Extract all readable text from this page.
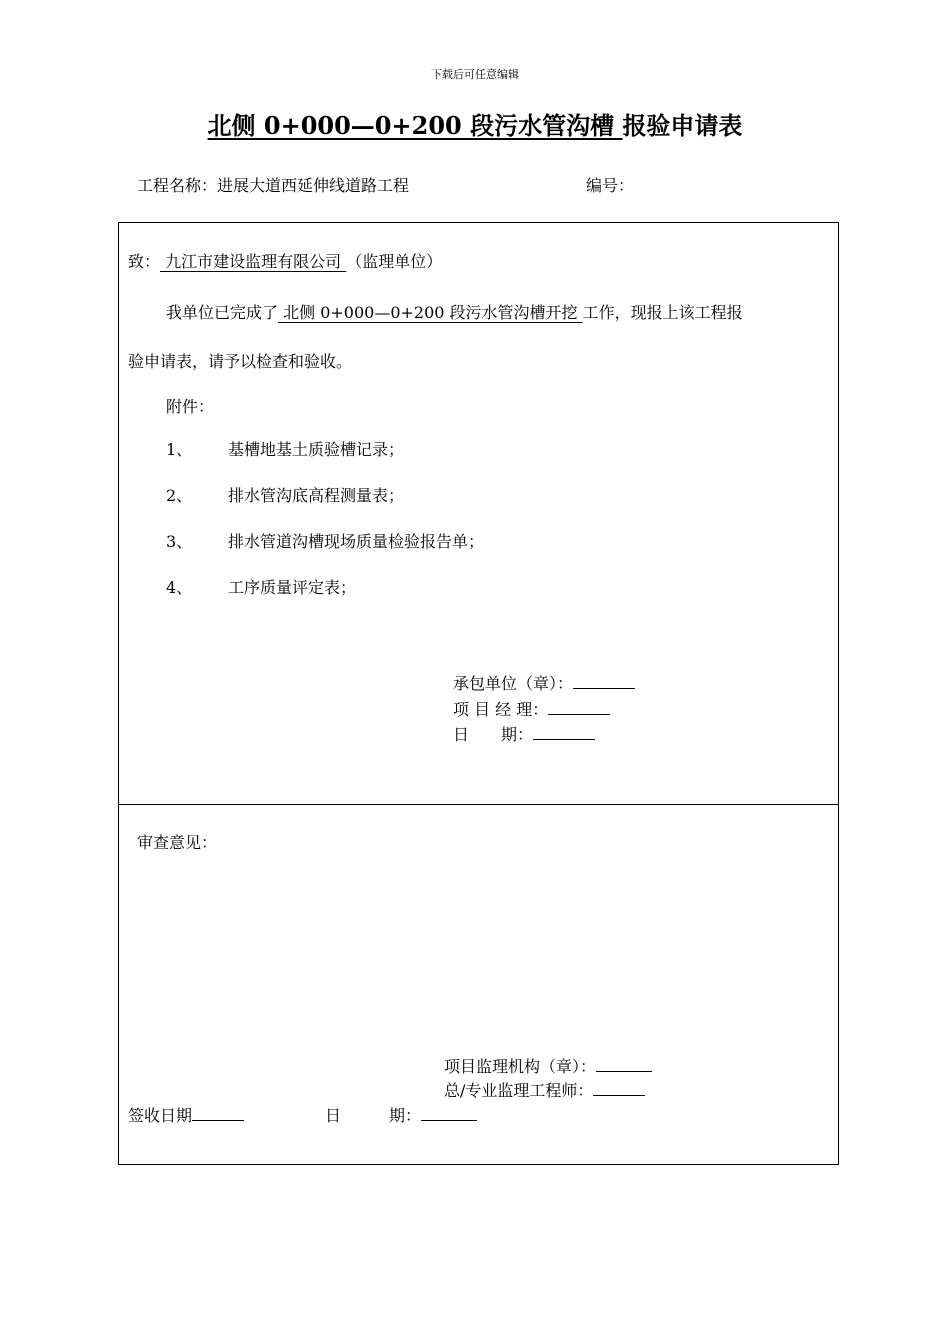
下载后可任意编辑
北侧 0+000—0+200 段污水管沟槽 报验申请表
工程名称：进展大道西延伸线道路工程	编号：
致： 九江市建设监理有限公司 （监理单位）
我单位已完成了 北侧 0+000—0+200 段污水管沟槽开挖 工作，现报上该工程报
验申请表，请予以检查和验收。
附件：
1、 基槽地基土质验槽记录；
2、 排水管沟底高程测量表；
3、 排水管道沟槽现场质量检验报告单；
4、 工序质量评定表；
承包单位（章）：
项 目 经 理：
日　　期：
审查意见：
项目监理机构（章）：
总/专业监理工程师：
签收日期	日　　　期：
